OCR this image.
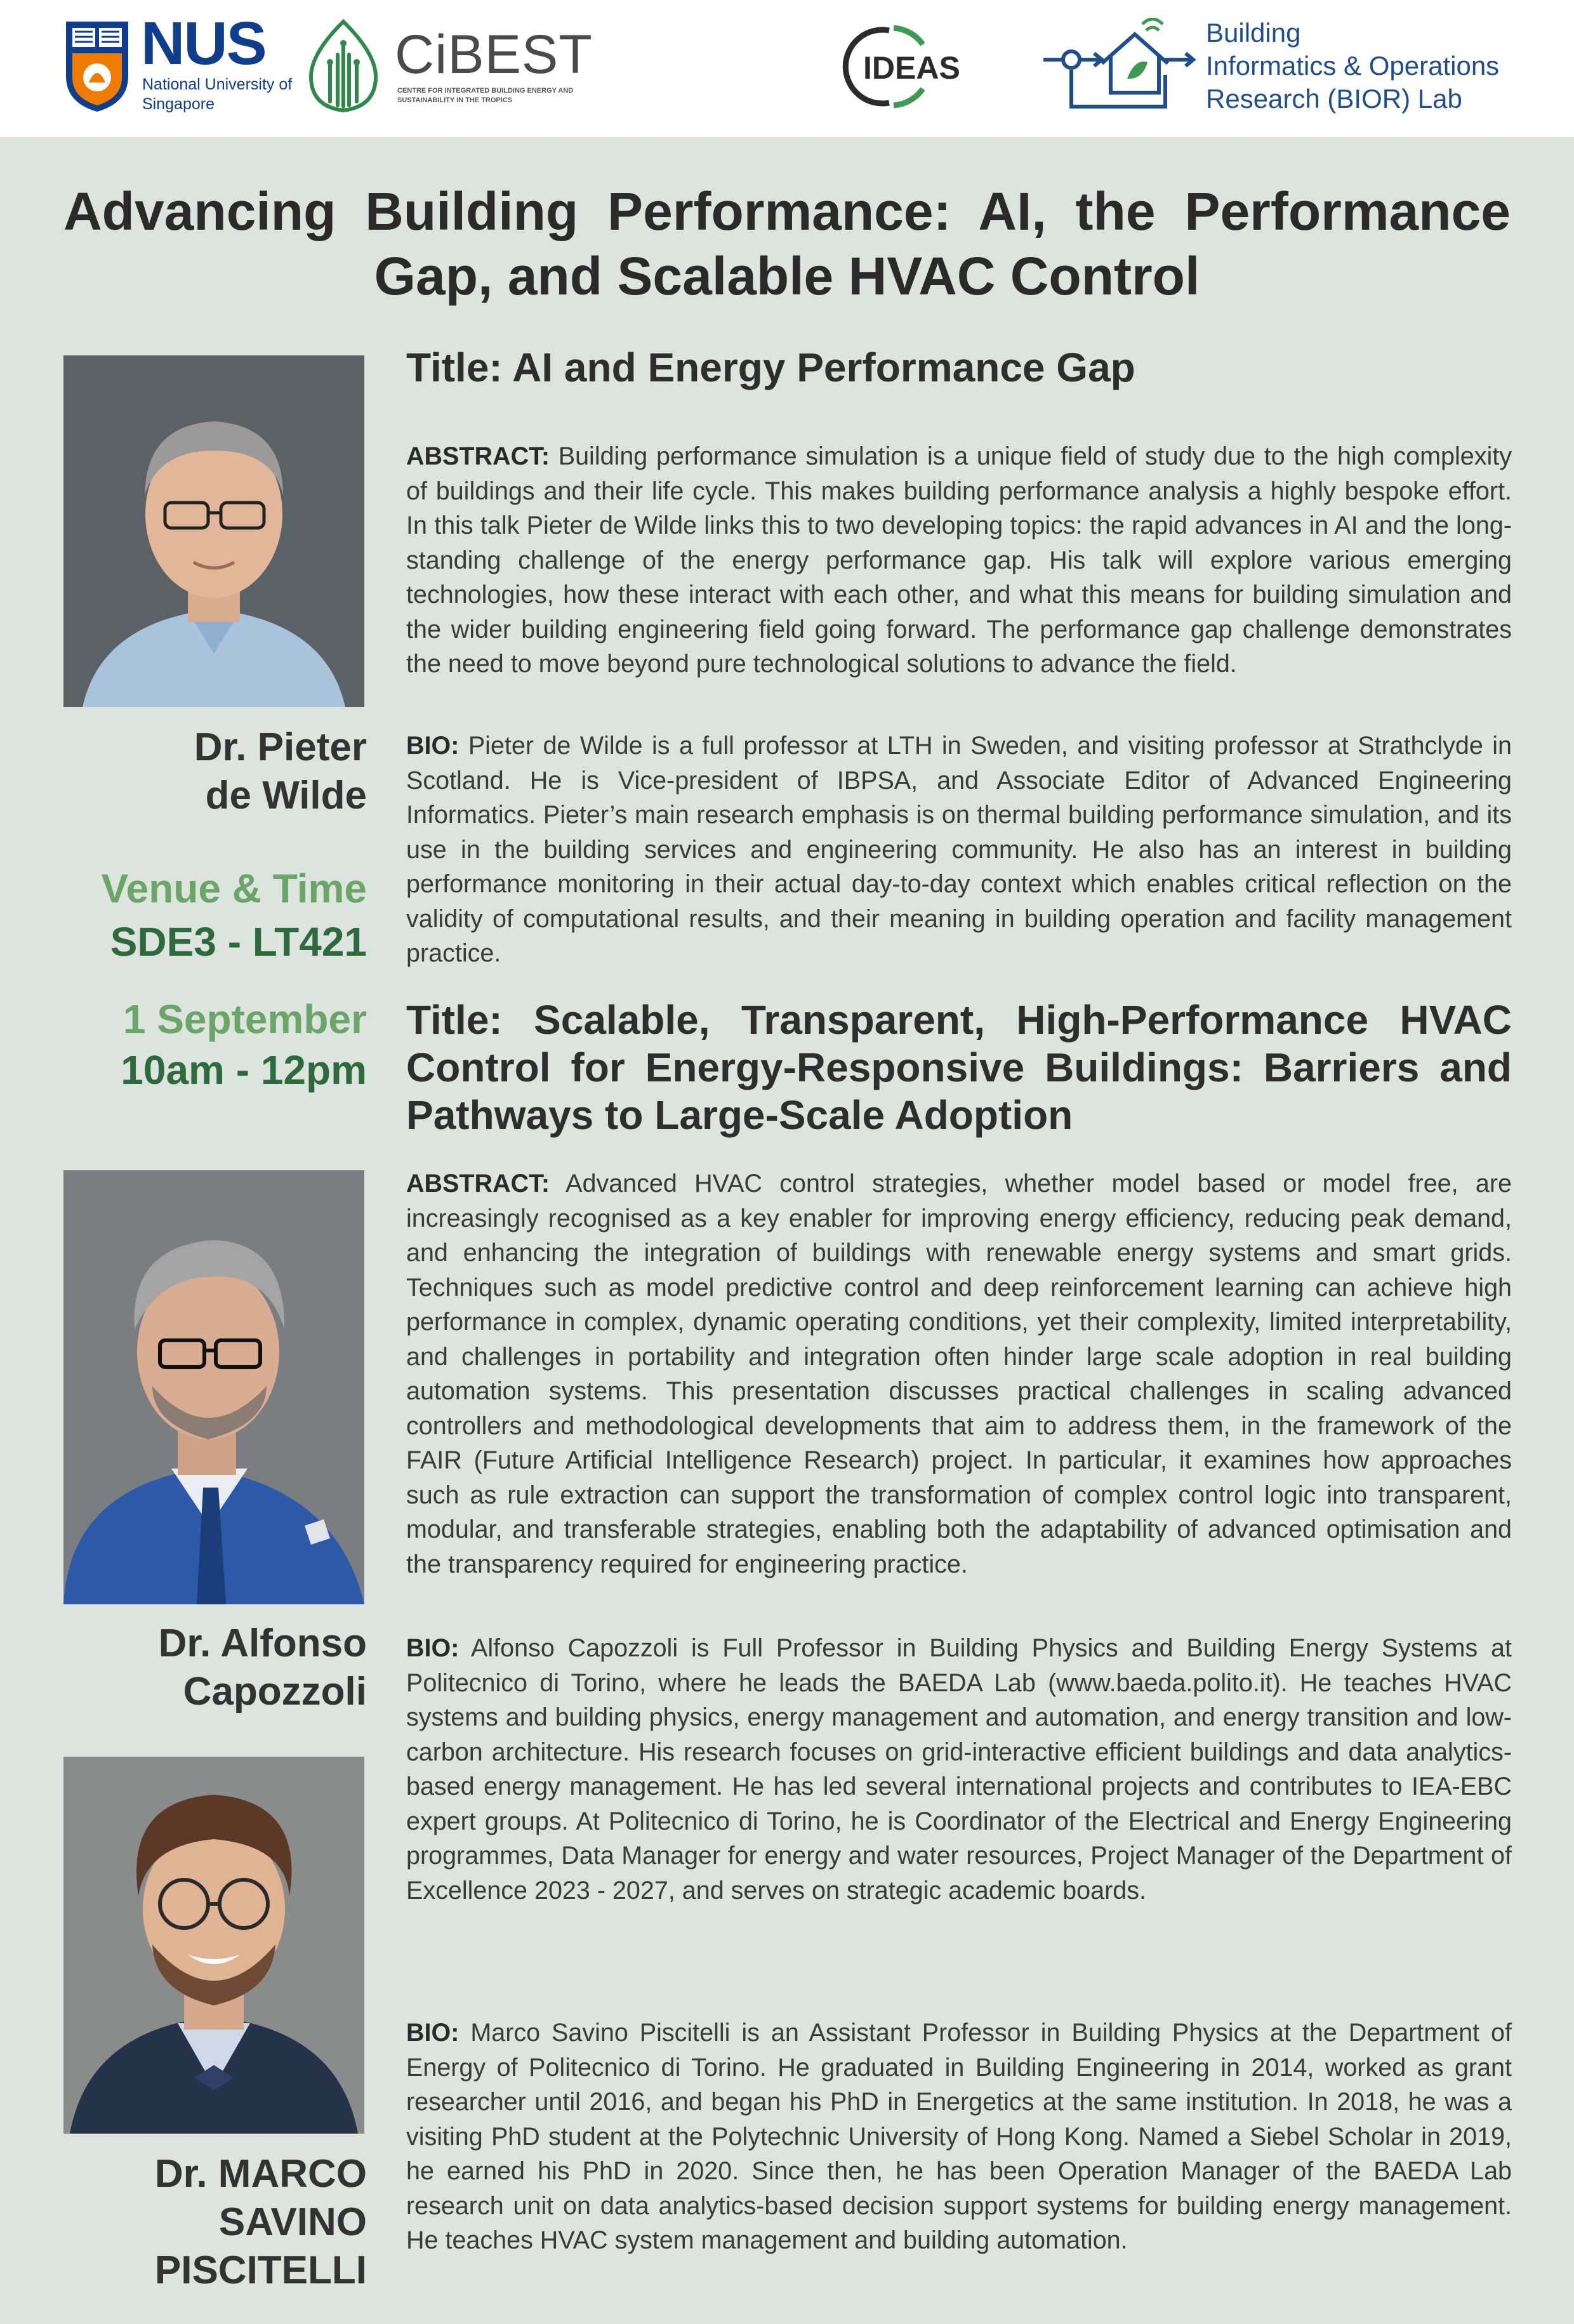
NUS
National University of Singapore
CiBEST
CENTRE FOR INTEGRATED BUILDING ENERGY AND SUSTAINABILITY IN THE TROPICS
IDEAS
Building
Informatics & Operations
Research (BIOR) Lab
Advancing Building Performance: AI, the Performance Gap, and Scalable HVAC Control
Dr. Pieter
de Wilde
Venue & Time
SDE3 - LT421
1 September
10am - 12pm
Dr. Alfonso
Capozzoli
Dr. MARCO
SAVINO
PISCITELLI
Title: AI and Energy Performance Gap

ABSTRACT: Building performance simulation is a unique field of study due to the high complexity of buildings and their life cycle. This makes building performance analysis a highly bespoke effort. In this talk Pieter de Wilde links this to two developing topics: the rapid advances in AI and the long-standing challenge of the energy performance gap. His talk will explore various emerging technologies, how these interact with each other, and what this means for building simulation and the wider building engineering field going forward. The performance gap challenge demonstrates the need to move beyond pure technological solutions to advance the field.

BIO: Pieter de Wilde is a full professor at LTH in Sweden, and visiting professor at Strathclyde in Scotland. He is Vice-president of IBPSA, and Associate Editor of Advanced Engineering Informatics. Pieter’s main research emphasis is on thermal building performance simulation, and its use in the building services and engineering community. He also has an interest in building performance monitoring in their actual day-to-day context which enables critical reflection on the validity of computational results, and their meaning in building operation and facility management practice.

Title: Scalable, Transparent, High-Performance HVAC Control for Energy-Responsive Buildings: Barriers and Pathways to Large-Scale Adoption

ABSTRACT: Advanced HVAC control strategies, whether model based or model free, are increasingly recognised as a key enabler for improving energy efficiency, reducing peak demand, and enhancing the integration of buildings with renewable energy systems and smart grids. Techniques such as model predictive control and deep reinforcement learning can achieve high performance in complex, dynamic operating conditions, yet their complexity, limited interpretability, and challenges in portability and integration often hinder large scale adoption in real building automation systems. This presentation discusses practical challenges in scaling advanced controllers and methodological developments that aim to address them, in the framework of the FAIR (Future Artificial Intelligence Research) project. In particular, it examines how approaches such as rule extraction can support the transformation of complex control logic into transparent, modular, and transferable strategies, enabling both the adaptability of advanced optimisation and the transparency required for engineering practice.

BIO: Alfonso Capozzoli is Full Professor in Building Physics and Building Energy Systems at Politecnico di Torino, where he leads the BAEDA Lab (www.baeda.polito.it). He teaches HVAC systems and building physics, energy management and automation, and energy transition and low-carbon architecture. His research focuses on grid-interactive efficient buildings and data analytics-based energy management. He has led several international projects and contributes to IEA-EBC expert groups. At Politecnico di Torino, he is Coordinator of the Electrical and Energy Engineering programmes, Data Manager for energy and water resources, Project Manager of the Department of Excellence 2023 - 2027, and serves on strategic academic boards.

BIO: Marco Savino Piscitelli is an Assistant Professor in Building Physics at the Department of Energy of Politecnico di Torino. He graduated in Building Engineering in 2014, worked as grant researcher until 2016, and began his PhD in Energetics at the same institution. In 2018, he was a visiting PhD student at the Polytechnic University of Hong Kong. Named a Siebel Scholar in 2019, he earned his PhD in 2020. Since then, he has been Operation Manager of the BAEDA Lab research unit on data analytics-based decision support systems for building energy management. He teaches HVAC system management and building automation.
